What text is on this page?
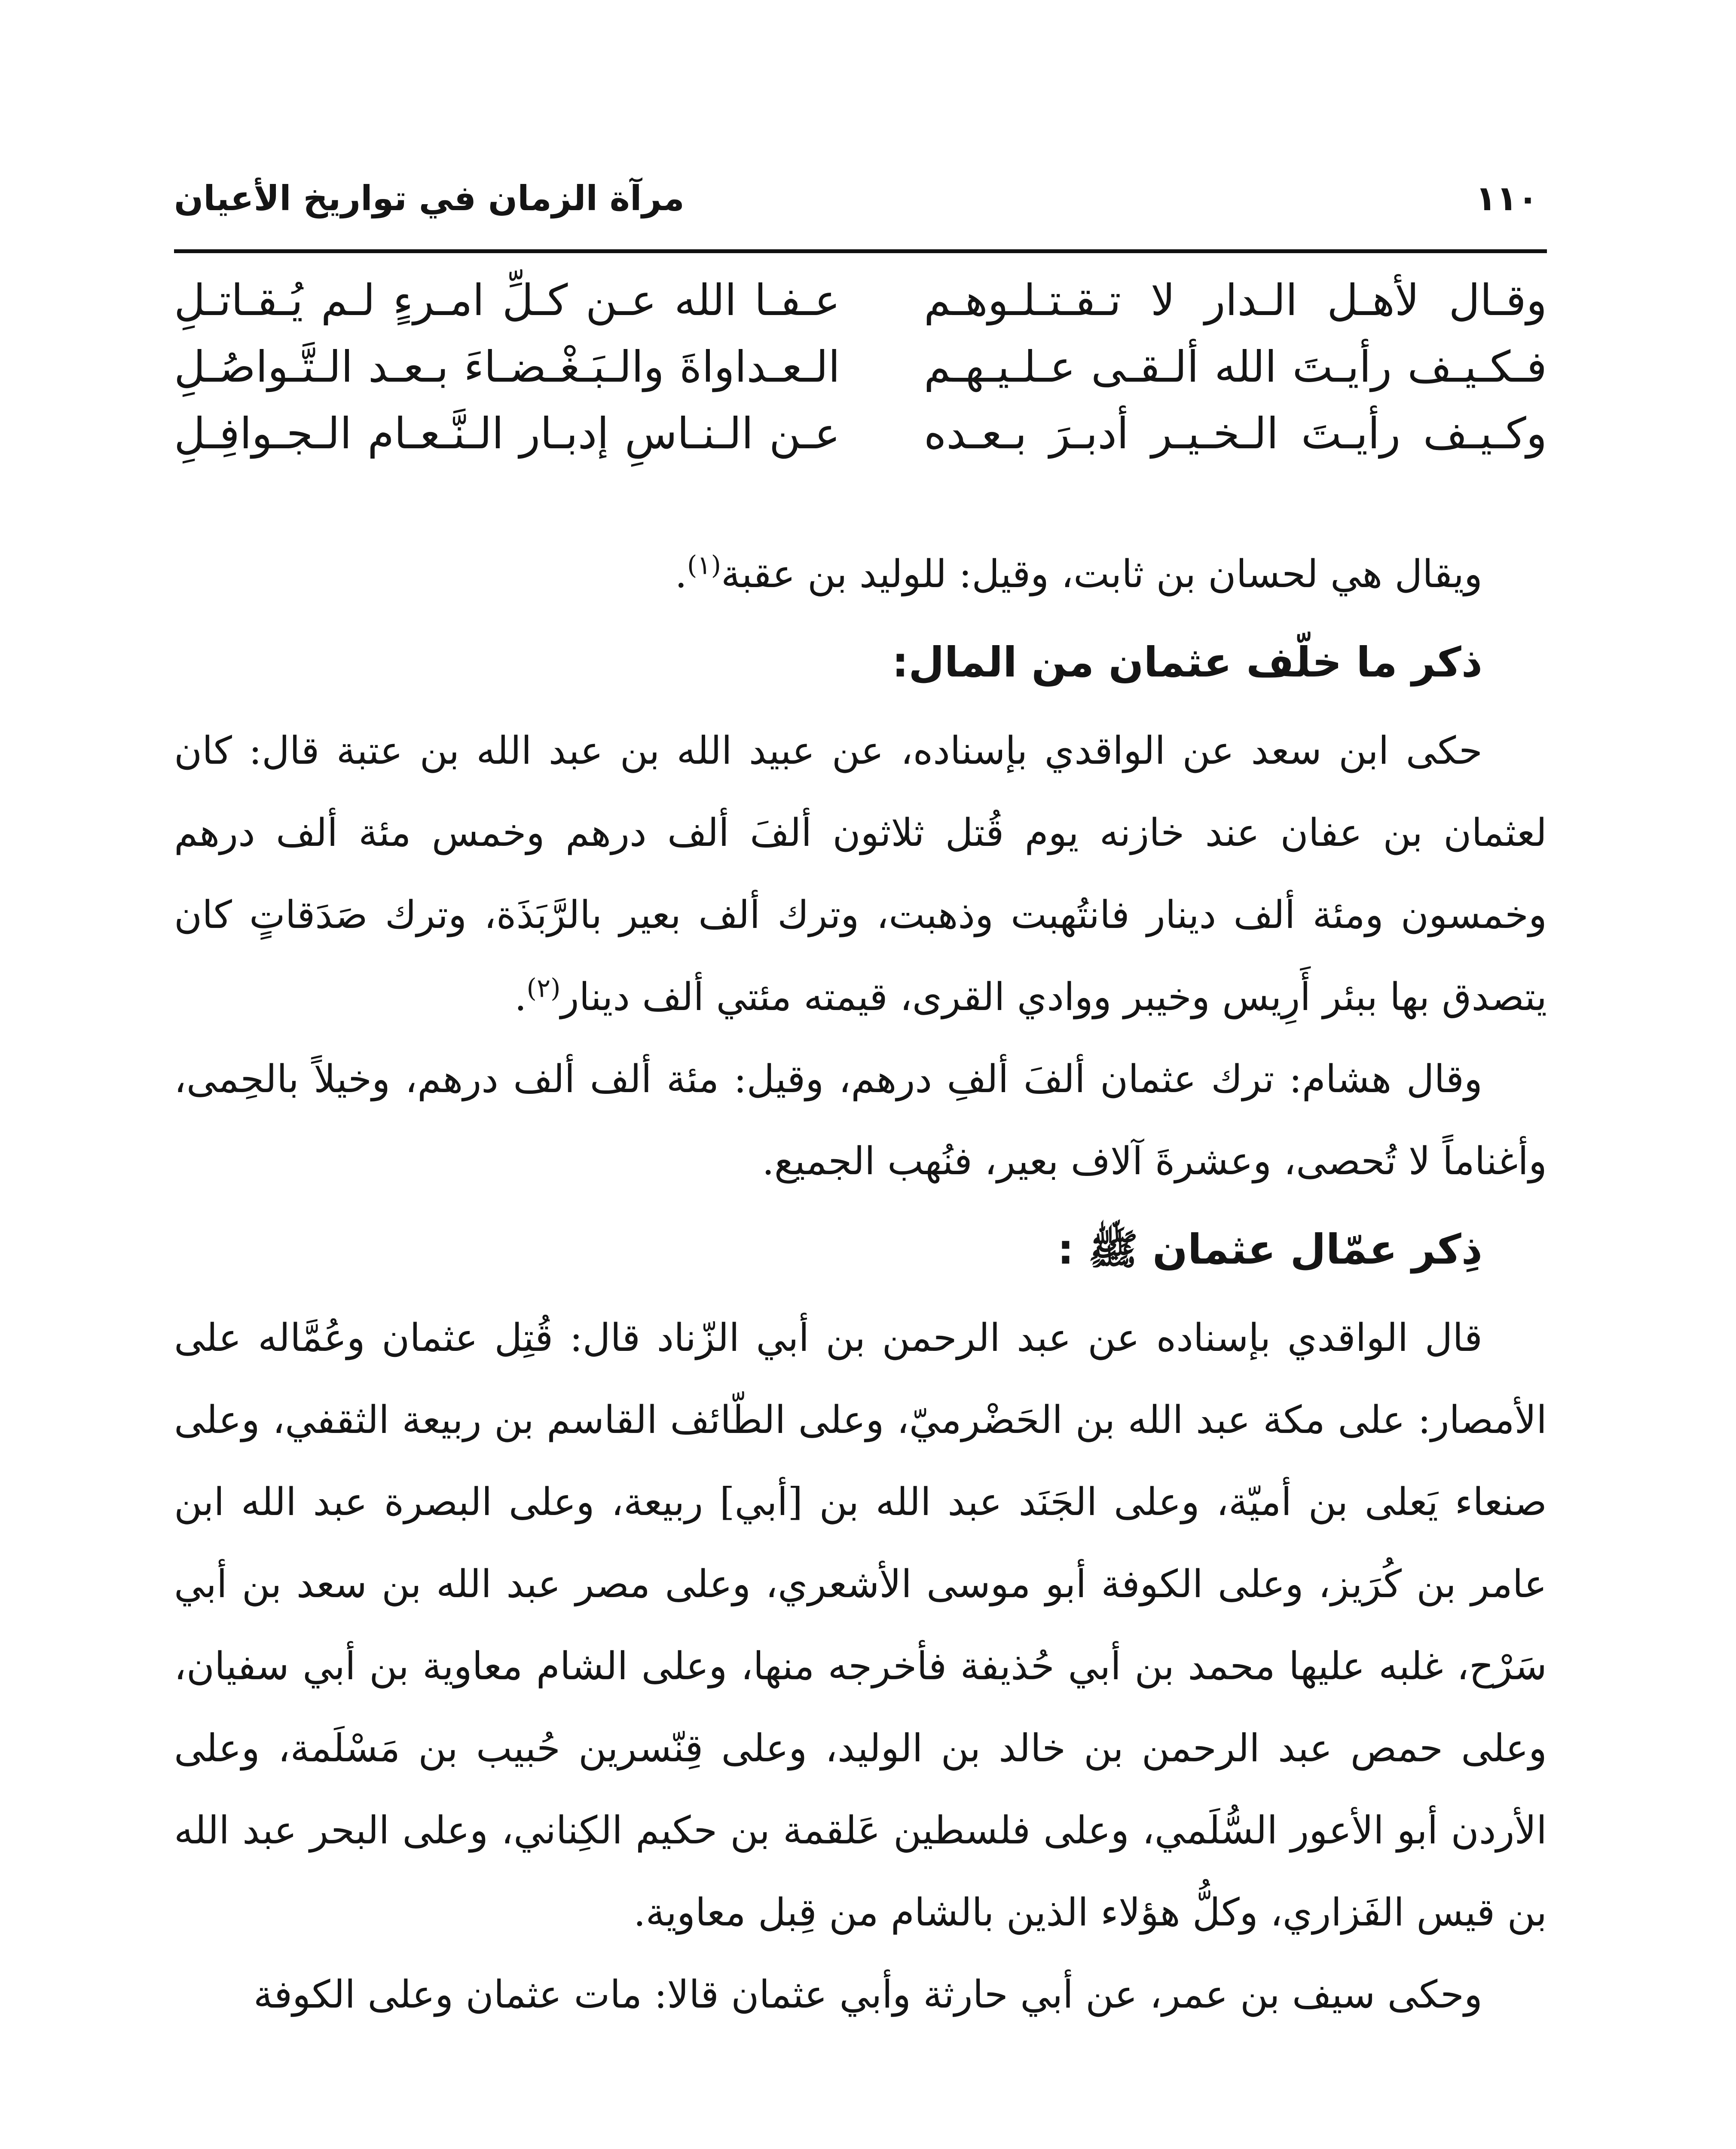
١١٠
مرآة الزمان في تواريخ الأعيان
وقـال لأهـل الـدار لا تـقـتـلـوهـم
عـفـا الله عـن كـلِّ امـرءٍ لـم يُـقـاتـلِ
فـكـيـف رأيـتَ الله ألـقـى عـلـيـهـم
الـعـداواةَ والـبَـغْـضـاءَ بـعـد الـتَّـواصُـلِ
وكـيـف رأيـتَ الـخـيـر أدبـرَ بـعـده
عـن الـنـاسِ إدبـار الـنَّـعـام الـجـوافِـلِ

ويقال هي لحسان بن ثابت، وقيل: للوليد بن عقبة$^{(١)}$.

ذكر ما خلّف عثمان من المال:

حكى ابن سعد عن الواقدي بإسناده، عن عبيد الله بن عبد الله بن عتبة قال: كان لعثمان بن عفان عند خازنه يوم قُتل ثلاثون ألفَ ألف درهم وخمس مئة ألف درهم وخمسون ومئة ألف دينار فانتُهبت وذهبت، وترك ألف بعير بالرَّبَذَة، وترك صَدَقاتٍ كان يتصدق بها ببئر أَرِيس وخيبر ووادي القرى، قيمته مئتي ألف دينار$^{(٢)}$.

وقال هشام: ترك عثمان ألفَ ألفِ درهم، وقيل: مئة ألف ألف درهم، وخيلاً بالحِمى، وأغناماً لا تُحصى، وعشرةَ آلاف بعير، فنُهب الجميع.

ذِكر عمّال عثمان ﷺ :

قال الواقدي بإسناده عن عبد الرحمن بن أبي الزّناد قال: قُتِل عثمان وعُمَّاله على الأمصار: على مكة عبد الله بن الحَضْرميّ، وعلى الطّائف القاسم بن ربيعة الثقفي، وعلى صنعاء يَعلى بن أميّة، وعلى الجَنَد عبد الله بن [أبي] ربيعة، وعلى البصرة عبد الله ابن عامر بن كُرَيز، وعلى الكوفة أبو موسى الأشعري، وعلى مصر عبد الله بن سعد بن أبي سَرْح، غلبه عليها محمد بن أبي حُذيفة فأخرجه منها، وعلى الشام معاوية بن أبي سفيان، وعلى حمص عبد الرحمن بن خالد بن الوليد، وعلى قِنّسرين حُبيب بن مَسْلَمة، وعلى الأردن أبو الأعور السُّلَمي، وعلى فلسطين عَلقمة بن حكيم الكِناني، وعلى البحر عبد الله بن قيس الفَزاري، وكلُّ هؤلاء الذين بالشام من قِبل معاوية.

وحكى سيف بن عمر، عن أبي حارثة وأبي عثمان قالا: مات عثمان وعلى الكوفة
